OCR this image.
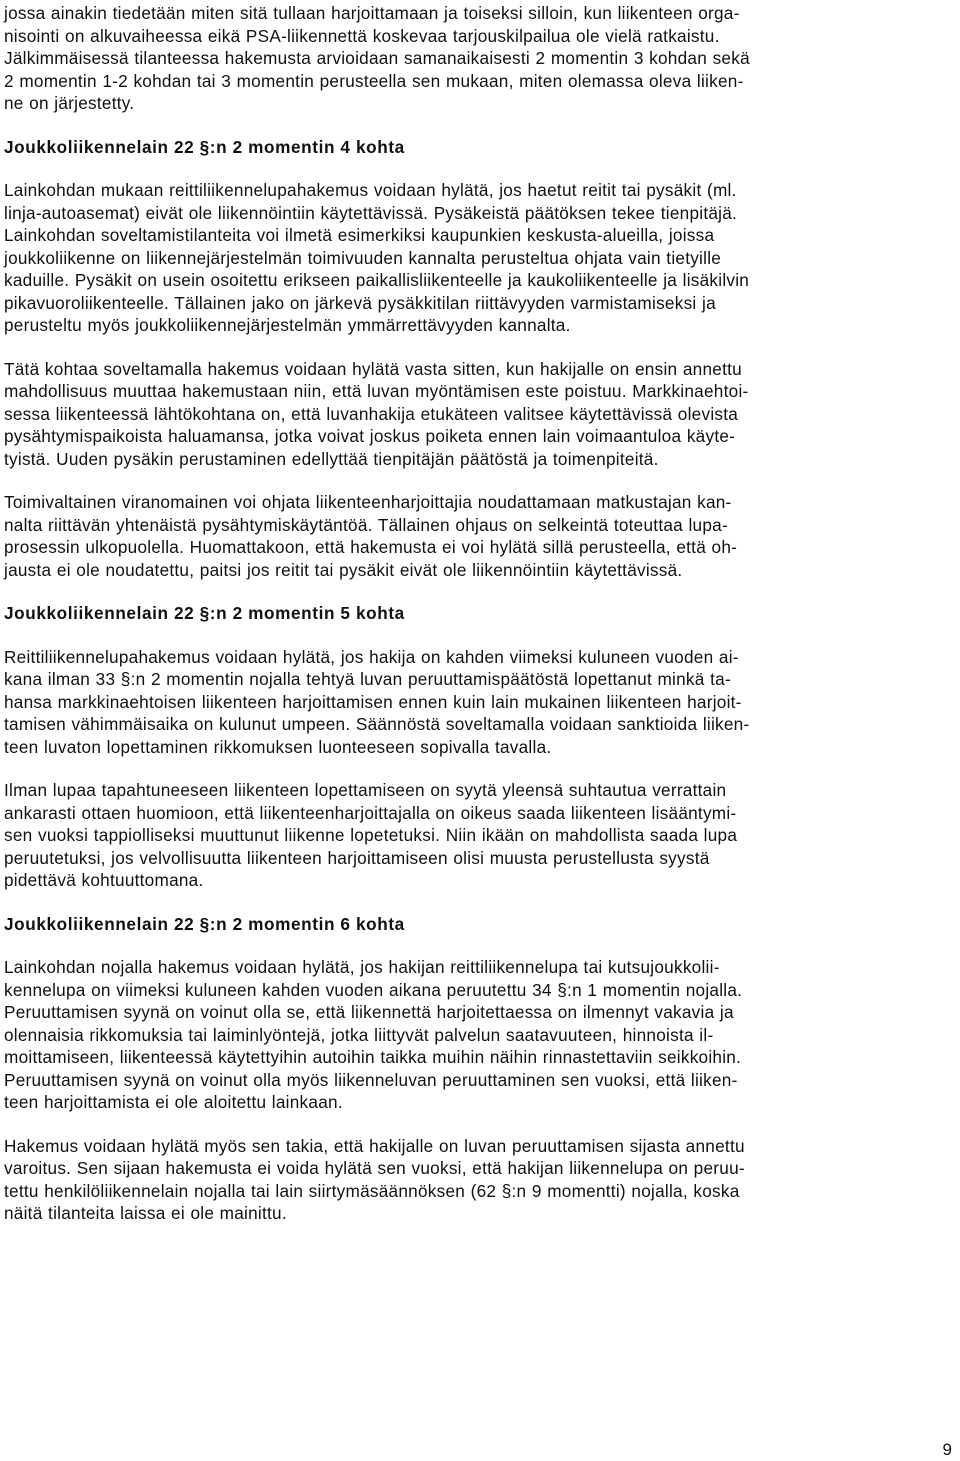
jossa ainakin tiedetään miten sitä tullaan harjoittamaan ja toiseksi silloin, kun liikenteen orga-
nisointi on alkuvaiheessa eikä PSA-liikennettä koskevaa tarjouskilpailua ole vielä ratkaistu.
Jälkimmäisessä tilanteessa hakemusta arvioidaan samanaikaisesti 2 momentin 3 kohdan sekä
2 momentin 1-2 kohdan tai 3 momentin perusteella sen mukaan, miten olemassa oleva liiken-
ne on järjestetty.
Joukkoliikennelain 22 §:n 2 momentin 4 kohta
Lainkohdan mukaan reittiliikennelupahakemus voidaan hylätä, jos haetut reitit tai pysäkit (ml.
linja-autoasemat) eivät ole liikennöintiin käytettävissä. Pysäkeistä päätöksen tekee tienpitäjä.
Lainkohdan soveltamistilanteita voi ilmetä esimerkiksi kaupunkien keskusta-alueilla, joissa
joukkoliikenne on liikennejärjestelmän toimivuuden kannalta perusteltua ohjata vain tietyille
kaduille. Pysäkit on usein osoitettu erikseen paikallisliikenteelle ja kaukoliikenteelle ja lisäkilvin
pikavuoroliikenteelle. Tällainen jako on järkevä pysäkkitilan riittävyyden varmistamiseksi ja
perusteltu myös joukkoliikennejärjestelmän ymmärrettävyyden kannalta.
Tätä kohtaa soveltamalla hakemus voidaan hylätä vasta sitten, kun hakijalle on ensin annettu
mahdollisuus muuttaa hakemustaan niin, että luvan myöntämisen este poistuu. Markkinaehtoi-
sessa liikenteessä lähtökohtana on, että luvanhakija etukäteen valitsee käytettävissä olevista
pysähtymispaikoista haluamansa, jotka voivat joskus poiketa ennen lain voimaantuloa käyte-
tyistä. Uuden pysäkin perustaminen edellyttää tienpitäjän päätöstä ja toimenpiteitä.
Toimivaltainen viranomainen voi ohjata liikenteenharjoittajia noudattamaan matkustajan kan-
nalta riittävän yhtenäistä pysähtymiskäytäntöä. Tällainen ohjaus on selkeintä toteuttaa lupa-
prosessin ulkopuolella. Huomattakoon, että hakemusta ei voi hylätä sillä perusteella, että oh-
jausta ei ole noudatettu, paitsi jos reitit tai pysäkit eivät ole liikennöintiin käytettävissä.
Joukkoliikennelain 22 §:n 2 momentin 5 kohta
Reittiliikennelupahakemus voidaan hylätä, jos hakija on kahden viimeksi kuluneen vuoden ai-
kana ilman 33 §:n 2 momentin nojalla tehtyä luvan peruuttamispäätöstä lopettanut minkä ta-
hansa markkinaehtoisen liikenteen harjoittamisen ennen kuin lain mukainen liikenteen harjoit-
tamisen vähimmäisaika on kulunut umpeen. Säännöstä soveltamalla voidaan sanktioida liiken-
teen luvaton lopettaminen rikkomuksen luonteeseen sopivalla tavalla.
Ilman lupaa tapahtuneeseen liikenteen lopettamiseen on syytä yleensä suhtautua verrattain
ankarasti ottaen huomioon, että liikenteenharjoittajalla on oikeus saada liikenteen lisääntymi-
sen vuoksi tappiolliseksi muuttunut liikenne lopetetuksi. Niin ikään on mahdollista saada lupa
peruutetuksi, jos velvollisuutta liikenteen harjoittamiseen olisi muusta perustellusta syystä
pidettävä kohtuuttomana.
Joukkoliikennelain 22 §:n 2 momentin 6 kohta
Lainkohdan nojalla hakemus voidaan hylätä, jos hakijan reittiliikennelupa tai kutsujoukkolii-
kennelupa on viimeksi kuluneen kahden vuoden aikana peruutettu 34 §:n 1 momentin nojalla.
Peruuttamisen syynä on voinut olla se, että liikennettä harjoitettaessa on ilmennyt vakavia ja
olennaisia rikkomuksia tai laiminlyöntejä, jotka liittyvät palvelun saatavuuteen, hinnoista il-
moittamiseen, liikenteessä käytettyihin autoihin taikka muihin näihin rinnastettaviin seikkoihin.
Peruuttamisen syynä on voinut olla myös liikenneluvan peruuttaminen sen vuoksi, että liiken-
teen harjoittamista ei ole aloitettu lainkaan.
Hakemus voidaan hylätä myös sen takia, että hakijalle on luvan peruuttamisen sijasta annettu
varoitus. Sen sijaan hakemusta ei voida hylätä sen vuoksi, että hakijan liikennelupa on peruu-
tettu henkilöliikennelain nojalla tai lain siirtymäsäännöksen (62 §:n 9 momentti) nojalla, koska
näitä tilanteita laissa ei ole mainittu.
9
